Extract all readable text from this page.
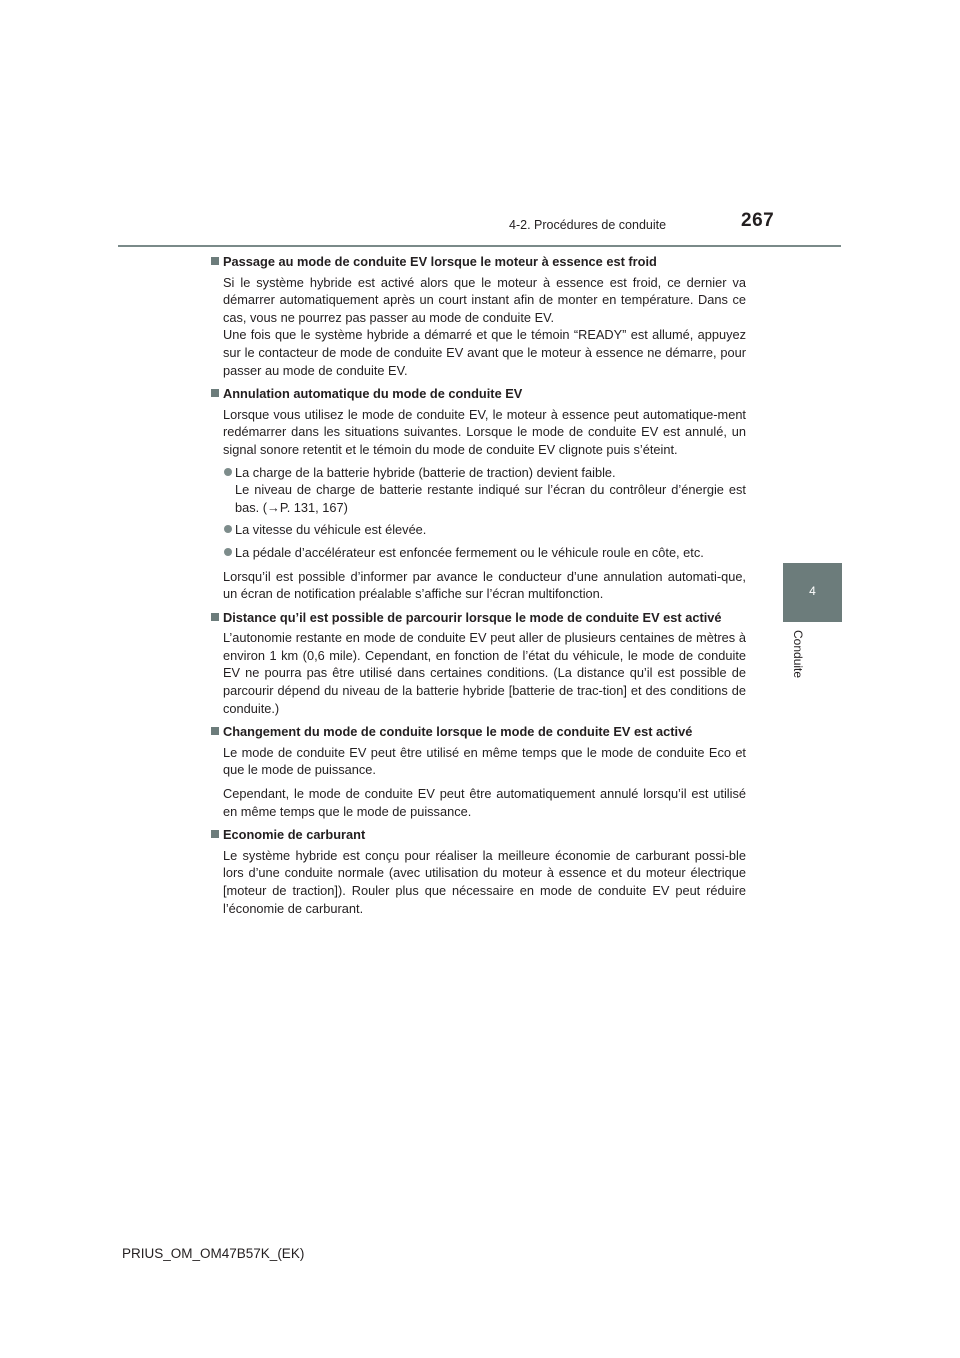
4-2. Procédures de conduite	267
4
Conduite
Passage au mode de conduite EV lorsque le moteur à essence est froid
Si le système hybride est activé alors que le moteur à essence est froid, ce dernier va démarrer automatiquement après un court instant afin de monter en température. Dans ce cas, vous ne pourrez pas passer au mode de conduite EV.
Une fois que le système hybride a démarré et que le témoin “READY” est allumé, appuyez sur le contacteur de mode de conduite EV avant que le moteur à essence ne démarre, pour passer au mode de conduite EV.
Annulation automatique du mode de conduite EV
Lorsque vous utilisez le mode de conduite EV, le moteur à essence peut automatique-ment redémarrer dans les situations suivantes. Lorsque le mode de conduite EV est annulé, un signal sonore retentit et le témoin du mode de conduite EV clignote puis s’éteint.
La charge de la batterie hybride (batterie de traction) devient faible.
Le niveau de charge de batterie restante indiqué sur l’écran du contrôleur d’énergie est bas. (→P. 131, 167)
La vitesse du véhicule est élevée.
La pédale d’accélérateur est enfoncée fermement ou le véhicule roule en côte, etc.
Lorsqu’il est possible d’informer par avance le conducteur d’une annulation automati-que, un écran de notification préalable s’affiche sur l’écran multifonction.
Distance qu’il est possible de parcourir lorsque le mode de conduite EV est activé
L’autonomie restante en mode de conduite EV peut aller de plusieurs centaines de mètres à environ 1 km (0,6 mile). Cependant, en fonction de l’état du véhicule, le mode de conduite EV ne pourra pas être utilisé dans certaines conditions. (La distance qu’il est possible de parcourir dépend du niveau de la batterie hybride [batterie de trac-tion] et des conditions de conduite.)
Changement du mode de conduite lorsque le mode de conduite EV est activé
Le mode de conduite EV peut être utilisé en même temps que le mode de conduite Eco et que le mode de puissance.
Cependant, le mode de conduite EV peut être automatiquement annulé lorsqu’il est utilisé en même temps que le mode de puissance.
Economie de carburant
Le système hybride est conçu pour réaliser la meilleure économie de carburant possi-ble lors d’une conduite normale (avec utilisation du moteur à essence et du moteur électrique [moteur de traction]). Rouler plus que nécessaire en mode de conduite EV peut réduire l’économie de carburant.
PRIUS_OM_OM47B57K_(EK)
